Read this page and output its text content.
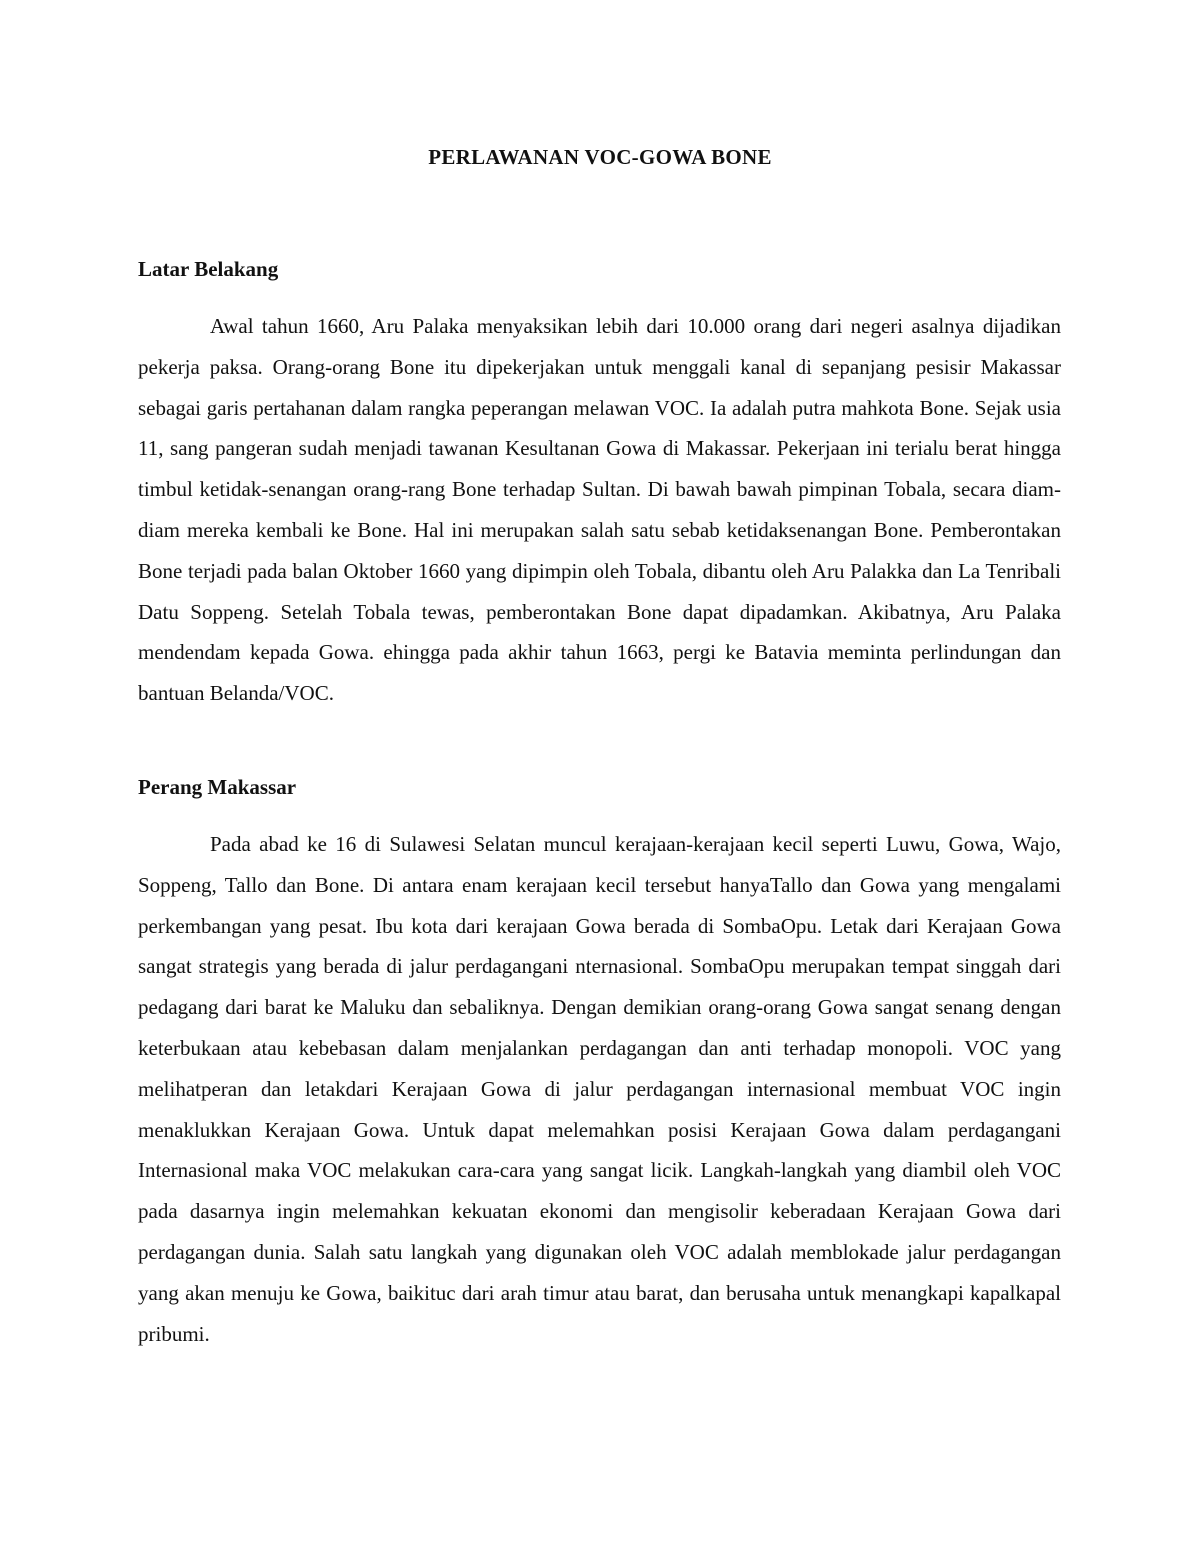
PERLAWANAN VOC-GOWA BONE
Latar Belakang

Awal tahun 1660, Aru Palaka menyaksikan lebih dari 10.000 orang dari negeri asalnya dijadikan pekerja paksa. Orang-orang Bone itu dipekerjakan untuk menggali kanal di sepanjang pesisir Makassar sebagai garis pertahanan dalam rangka peperangan melawan VOC. Ia adalah putra mahkota Bone. Sejak usia 11, sang pangeran sudah menjadi tawanan Kesultanan Gowa di Makassar. Pekerjaan ini terialu berat hingga timbul ketidak-senangan orang-rang Bone terhadap Sultan. Di bawah bawah pimpinan Tobala, secara diam-diam mereka kembali ke Bone. Hal ini merupakan salah satu sebab ketidaksenangan Bone. Pemberontakan Bone terjadi pada balan Oktober 1660 yang dipimpin oleh Tobala, dibantu oleh Aru Palakka dan La Tenribali Datu Soppeng. Setelah Tobala tewas, pemberontakan Bone dapat dipadamkan. Akibatnya, Aru Palaka mendendam kepada Gowa. ehingga pada akhir tahun 1663, pergi ke Batavia meminta perlindungan dan bantuan Belanda/VOC.

Perang Makassar

Pada abad ke 16 di Sulawesi Selatan muncul kerajaan-kerajaan kecil seperti Luwu, Gowa, Wajo, Soppeng, Tallo dan Bone. Di antara enam kerajaan kecil tersebut hanyaTallo dan Gowa yang mengalami perkembangan yang pesat. Ibu kota dari kerajaan Gowa berada di SombaOpu. Letak dari Kerajaan Gowa sangat strategis yang berada di jalur perdagangani nternasional. SombaOpu merupakan tempat singgah dari pedagang dari barat ke Maluku dan sebaliknya. Dengan demikian orang-orang Gowa sangat senang dengan keterbukaan atau kebebasan dalam menjalankan perdagangan dan anti terhadap monopoli. VOC yang melihatperan dan letakdari Kerajaan Gowa di jalur perdagangan internasional membuat VOC ingin menaklukkan Kerajaan Gowa. Untuk dapat melemahkan posisi Kerajaan Gowa dalam perdagangani Internasional maka VOC melakukan cara-cara yang sangat licik. Langkah-langkah yang diambil oleh VOC pada dasarnya ingin melemahkan kekuatan ekonomi dan mengisolir keberadaan Kerajaan Gowa dari perdagangan dunia. Salah satu langkah yang digunakan oleh VOC adalah memblokade jalur perdagangan yang akan menuju ke Gowa, baikituc dari arah timur atau barat, dan berusaha untuk menangkapi kapalkapal pribumi.
